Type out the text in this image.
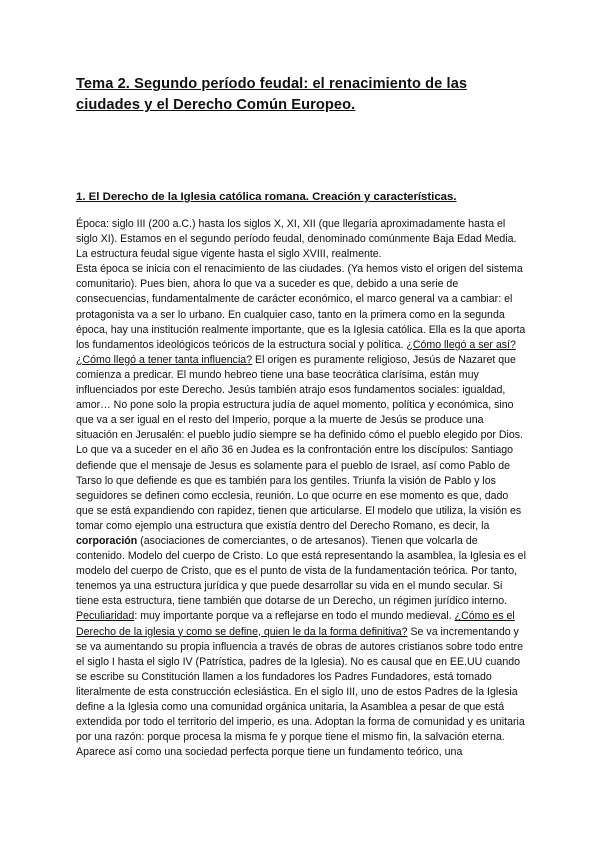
Tema 2. Segundo período feudal: el renacimiento de las ciudades y el Derecho Común Europeo.
1. El Derecho de la Iglesia católica romana. Creación y características.

Época: siglo III (200 a.C.) hasta los siglos X, XI, XII (que llegaría aproximadamente hasta el siglo XI). Estamos en el segundo período feudal, denominado comúnmente Baja Edad Media. La estructura feudal sigue vigente hasta el siglo XVIII, realmente.

Esta época se inicia con el renacimiento de las ciudades. (Ya hemos visto el origen del sistema comunitario). Pues bien, ahora lo que va a suceder es que, debido a una serie de consecuencias, fundamentalmente de carácter económico, el marco general va a cambiar: el protagonista va a ser lo urbano. En cualquier caso, tanto en la primera como en la segunda época, hay una institución realmente importante, que es la Iglesia católica. Ella es la que aporta los fundamentos ideológicos teóricos de la estructura social y política. ¿Cómo llegó a ser así? ¿Cómo llegó a tener tanta influencia? El origen es puramente religioso, Jesús de Nazaret que comienza a predicar. El mundo hebreo tiene una base teocrática clarísima, están muy influenciados por este Derecho. Jesús también atrajo esos fundamentos sociales: igualdad, amor… No pone solo la propia estructura judía de aquel momento, política y económica, sino que va a ser igual en el resto del Imperio, porque a la muerte de Jesús se produce una situación en Jerusalén: el pueblo judío siempre se ha definido cómo el pueblo elegido por Dios.

Lo que va a suceder en el año 36 en Judea es la confrontación entre los discípulos: Santiago defiende que el mensaje de Jesus es solamente para el pueblo de Israel, así como Pablo de Tarso lo que defiende es que es también para los gentiles. Triunfa la visión de Pablo y los seguidores se definen como ecclesia, reunión. Lo que ocurre en ese momento es que, dado que se está expandiendo con rapidez, tienen que articularse. El modelo que utiliza, la visión es tomar como ejemplo una estructura que existía dentro del Derecho Romano, es decir, la corporación (asociaciones de comerciantes, o de artesanos). Tienen que volcarla de contenido. Modelo del cuerpo de Cristo. Lo que está representando la asamblea, la Iglesia es el modelo del cuerpo de Cristo, que es el punto de vista de la fundamentación teórica. Por tanto, tenemos ya una estructura jurídica y que puede desarrollar su vida en el mundo secular. Si tiene esta estructura, tiene también que dotarse de un Derecho, un régimen jurídico interno. Peculiaridad: muy importante porque va a reflejarse en todo el mundo medieval. ¿Cómo es el Derecho de la iglesia y como se define, quien le da la forma definitiva? Se va incrementando y se va aumentando su propia influencia a través de obras de autores cristianos sobre todo entre el siglo I hasta el siglo IV (Patrística, padres de la Iglesia). No es causal que en EE.UU cuando se escribe su Constitución llamen a los fundadores los Padres Fundadores, está tomado literalmente de esta construcción eclesiástica. En el siglo III, uno de estos Padres de la Iglesia define a la Iglesia como una comunidad orgánica unitaria, la Asamblea a pesar de que está extendida por todo el territorio del imperio, es una. Adoptan la forma de comunidad y es unitaria por una razón: porque procesa la misma fe y porque tiene el mismo fin, la salvación eterna. Aparece así como una sociedad perfecta porque tiene un fundamento teórico, una
